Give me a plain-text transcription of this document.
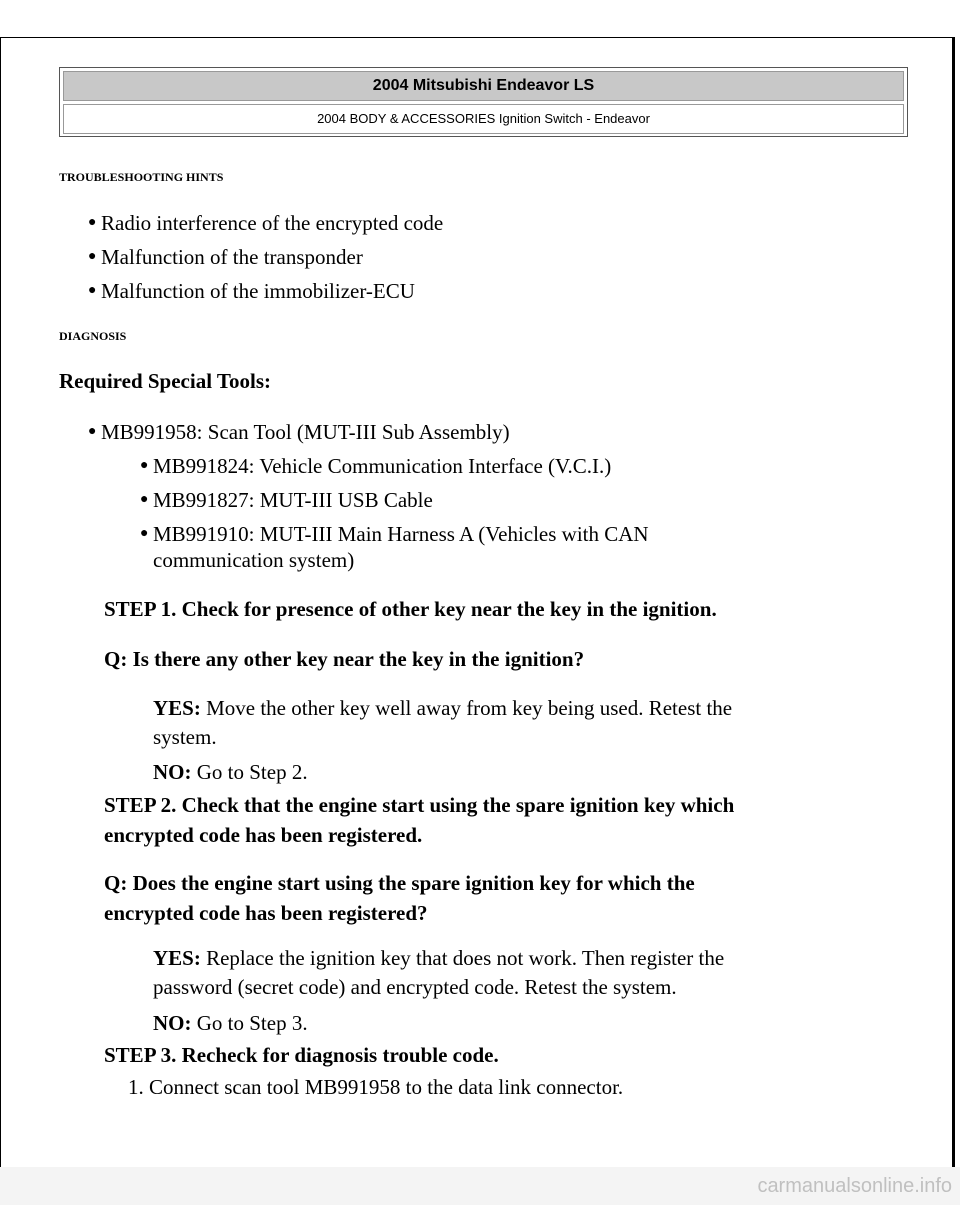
2004 Mitsubishi Endeavor LS
2004 BODY & ACCESSORIES Ignition Switch - Endeavor
TROUBLESHOOTING HINTS
● Radio interference of the encrypted code
● Malfunction of the transponder
● Malfunction of the immobilizer-ECU
DIAGNOSIS
Required Special Tools:
● MB991958: Scan Tool (MUT-III Sub Assembly)
● MB991824: Vehicle Communication Interface (V.C.I.)
● MB991827: MUT-III USB Cable
● MB991910: MUT-III Main Harness A (Vehicles with CAN
communication system)
STEP 1. Check for presence of other key near the key in the ignition.
Q: Is there any other key near the key in the ignition?
YES: Move the other key well away from key being used. Retest the
system.
NO: Go to Step 2.
STEP 2. Check that the engine start using the spare ignition key which
encrypted code has been registered.
Q: Does the engine start using the spare ignition key for which the
encrypted code has been registered?
YES: Replace the ignition key that does not work. Then register the
password (secret code) and encrypted code. Retest the system.
NO: Go to Step 3.
STEP 3. Recheck for diagnosis trouble code.
1. Connect scan tool MB991958 to the data link connector.
carmanualsonline.info
